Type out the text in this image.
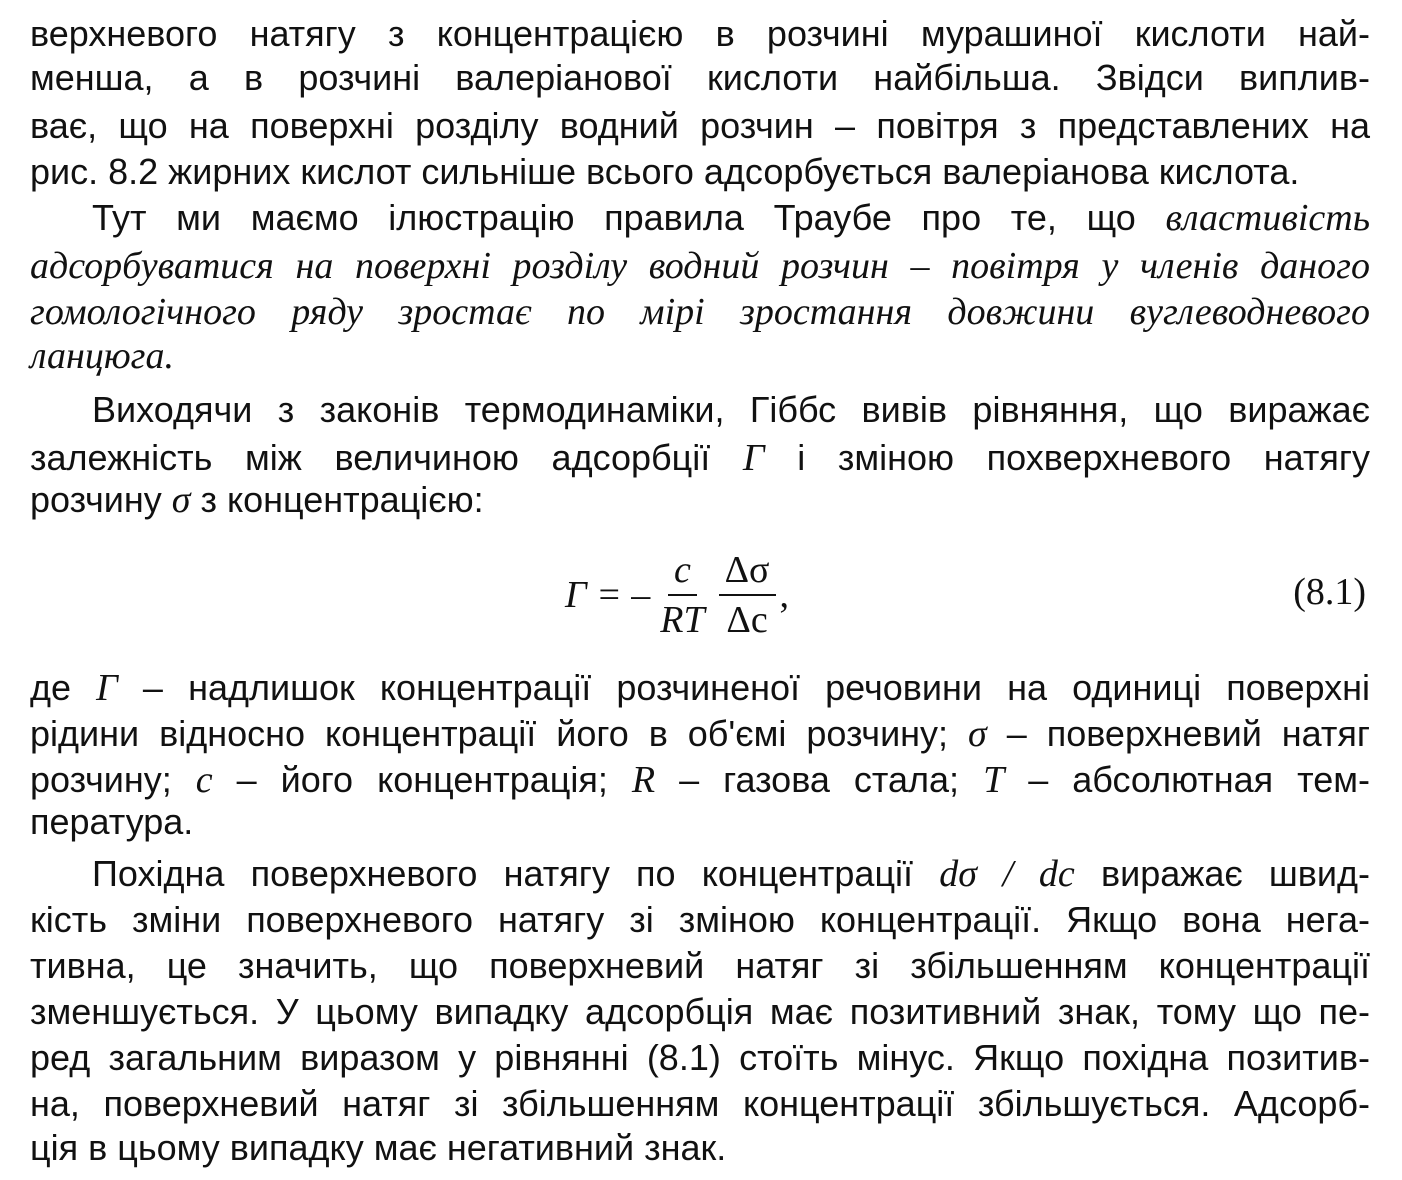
верхневого натягу з концентрацією в розчині мурашиної кислоти най-
менша, а в розчині валеріанової кислоти найбільша. Звідси виплив-
ває, що на поверхні розділу водний розчин – повітря з представлених на
рис. 8.2 жирних кислот сильніше всього адсорбується валеріанова кислота.
Тут ми маємо ілюстрацію правила Траубе про те, що властивість
адсорбуватися на поверхні розділу водний розчин – повітря у членів даного
гомологічного ряду зростає по мірі зростання довжини вуглеводневого
ланцюга.
Виходячи з законів термодинаміки, Гіббс вивів рівняння, що виражає
залежність між величиною адсорбції Г і зміною похверхневого натягу
розчину σ з концентрацією:
Г = – $\frac{c}{RT} \frac{\Delta\sigma}{\Delta c}$ ,	(8.1)
де Г – надлишок концентрації розчиненої речовини на одиниці поверхні
рідини відносно концентрації його в об'ємі розчину; σ – поверхневий натяг
розчину; c – його концентрація; R – газова стала; T – абсолютная тем-
пература.
Похідна поверхневого натягу по концентрації dσ / dc виражає швид-
кість зміни поверхневого натягу зі зміною концентрації. Якщо вона нега-
тивна, це значить, що поверхневий натяг зі збільшенням концентрації
зменшується. У цьому випадку адсорбція має позитивний знак, тому що пе-
ред загальним виразом у рівнянні (8.1) стоїть мінус. Якщо похідна позитив-
на, поверхневий натяг зі збільшенням концентрації збільшується. Адсорб-
ція в цьому випадку має негативний знак.
